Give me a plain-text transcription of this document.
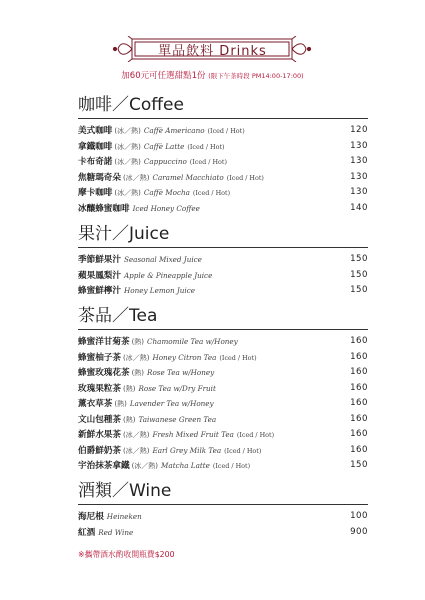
單品飲料 Drinks
加60元可任選甜點1份 (限下午茶時段 PM14:00-17:00)
咖啡／Coffee
美式咖啡 (冰／熱) Caffè Americano (Iced / Hot)	120
拿鐵咖啡 (冰／熱) Caffè Latte (Iced / Hot)	130
卡布奇諾 (冰／熱) Cappuccino (Iced / Hot)	130
焦糖瑪奇朵 (冰／熱) Caramel Macchiato (Iced / Hot)	130
摩卡咖啡 (冰／熱) Caffè Mocha (Iced / Hot)	130
冰釀蜂蜜咖啡 Iced Honey Coffee	140
果汁／Juice
季節鮮果汁 Seasonal Mixed Juice	150
蘋果鳳梨汁 Apple & Pineapple Juice	150
蜂蜜鮮檸汁 Honey Lemon Juice	150
茶品／Tea
蜂蜜洋甘菊茶 (熱) Chamomile Tea w/Honey	160
蜂蜜柚子茶 (冰／熱) Honey Citron Tea (Iced / Hot)	160
蜂蜜玫瑰花茶 (熱) Rose Tea w/Honey	160
玫瑰果粒茶 (熱) Rose Tea w/Dry Fruit	160
薰衣草茶 (熱) Lavender Tea w/Honey	160
文山包種茶 (熱) Taiwanese Green Tea	160
新鮮水果茶 (冰／熱) Fresh Mixed Fruit Tea (Iced / Hot)	160
伯爵鮮奶茶 (冰／熱) Earl Grey Milk Tea (Iced / Hot)	160
宇治抹茶拿鐵 (冰／熱) Matcha Latte (Iced / Hot)	150
酒類／Wine
海尼根 Heineken	100
紅酒 Red Wine	900
※攜帶酒水酌收開瓶費$200
